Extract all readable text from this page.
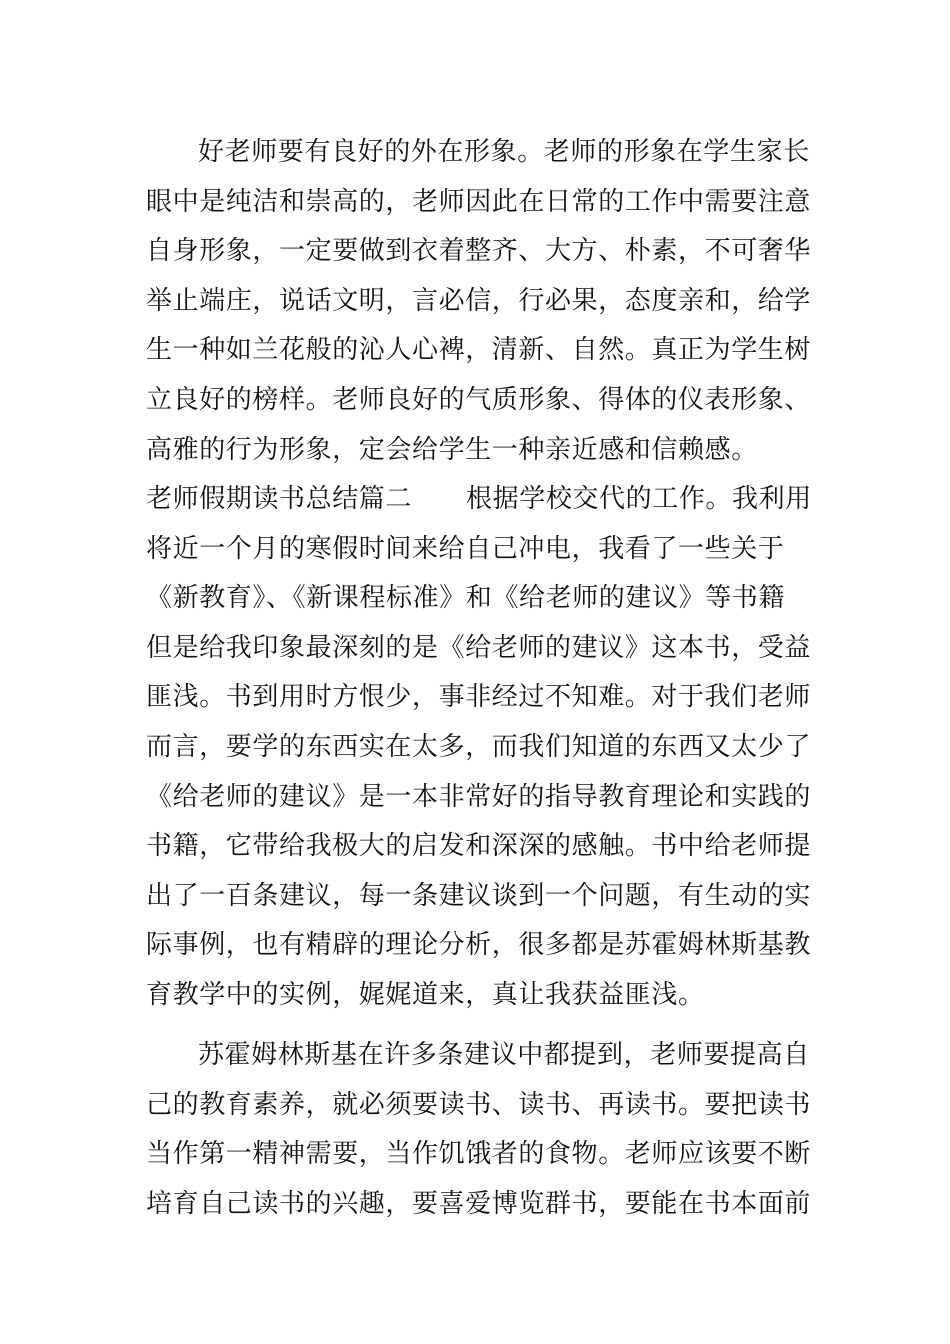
好老师要有良好的外在形象。老师的形象在学生家长
眼中是纯洁和崇高的，老师因此在日常的工作中需要注意
自身形象，一定要做到衣着整齐、大方、朴素，不可奢华
举止端庄，说话文明，言必信，行必果，态度亲和，给学
生一种如兰花般的沁人心裨，清新、自然。真正为学生树
立良好的榜样。老师良好的气质形象、得体的仪表形象、
高雅的行为形象，定会给学生一种亲近感和信赖感。
老师假期读书总结篇二 根据学校交代的工作。我利用
将近一个月的寒假时间来给自己冲电，我看了一些关于
《新教育》、《新课程标准》和《给老师的建议》等书籍
但是给我印象最深刻的是《给老师的建议》这本书，受益
匪浅。书到用时方恨少，事非经过不知难。对于我们老师
而言，要学的东西实在太多，而我们知道的东西又太少了
《给老师的建议》是一本非常好的指导教育理论和实践的
书籍，它带给我极大的启发和深深的感触。书中给老师提
出了一百条建议，每一条建议谈到一个问题，有生动的实
际事例，也有精辟的理论分析，很多都是苏霍姆林斯基教
育教学中的实例，娓娓道来，真让我获益匪浅。
苏霍姆林斯基在许多条建议中都提到，老师要提高自
己的教育素养，就必须要读书、读书、再读书。要把读书
当作第一精神需要，当作饥饿者的食物。老师应该要不断
培育自己读书的兴趣，要喜爱博览群书，要能在书本面前
